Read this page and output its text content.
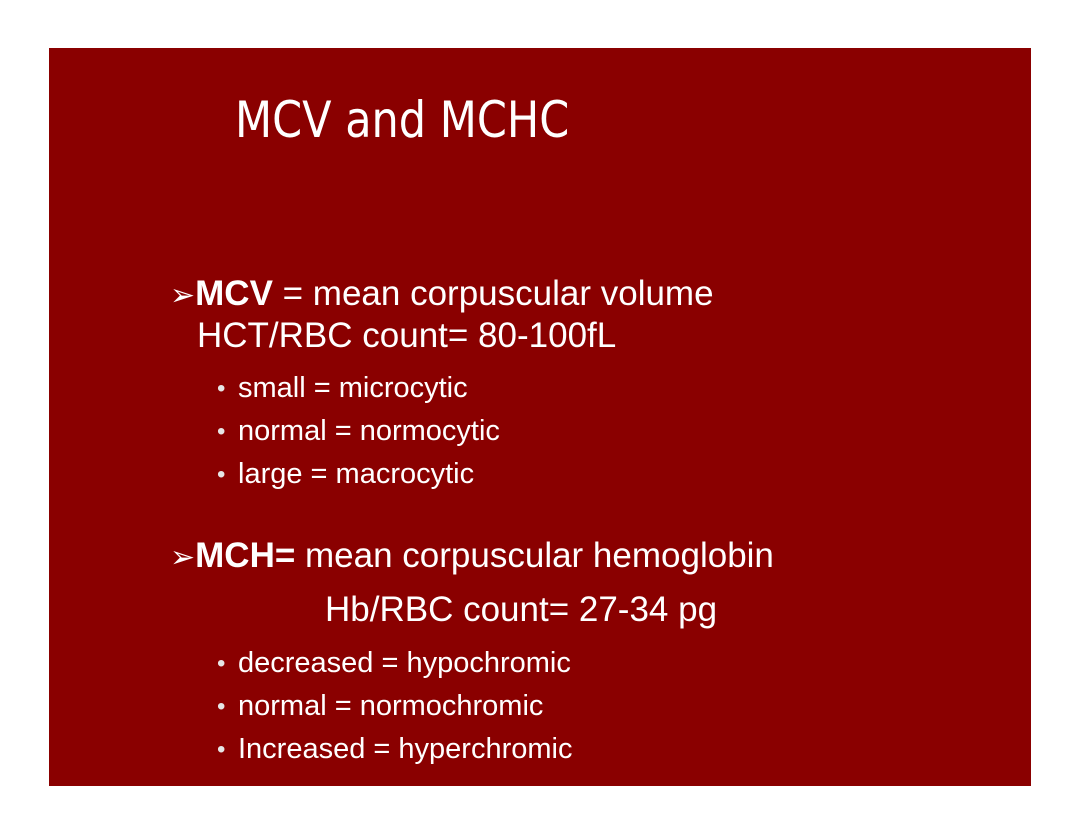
MCV and MCHC
➢MCV = mean corpuscular volume
HCT/RBC count= 80-100fL
• small = microcytic
• normal = normocytic
• large = macrocytic
➢MCH= mean corpuscular hemoglobin
Hb/RBC count= 27-34 pg
• decreased = hypochromic
• normal = normochromic
• Increased = hyperchromic
